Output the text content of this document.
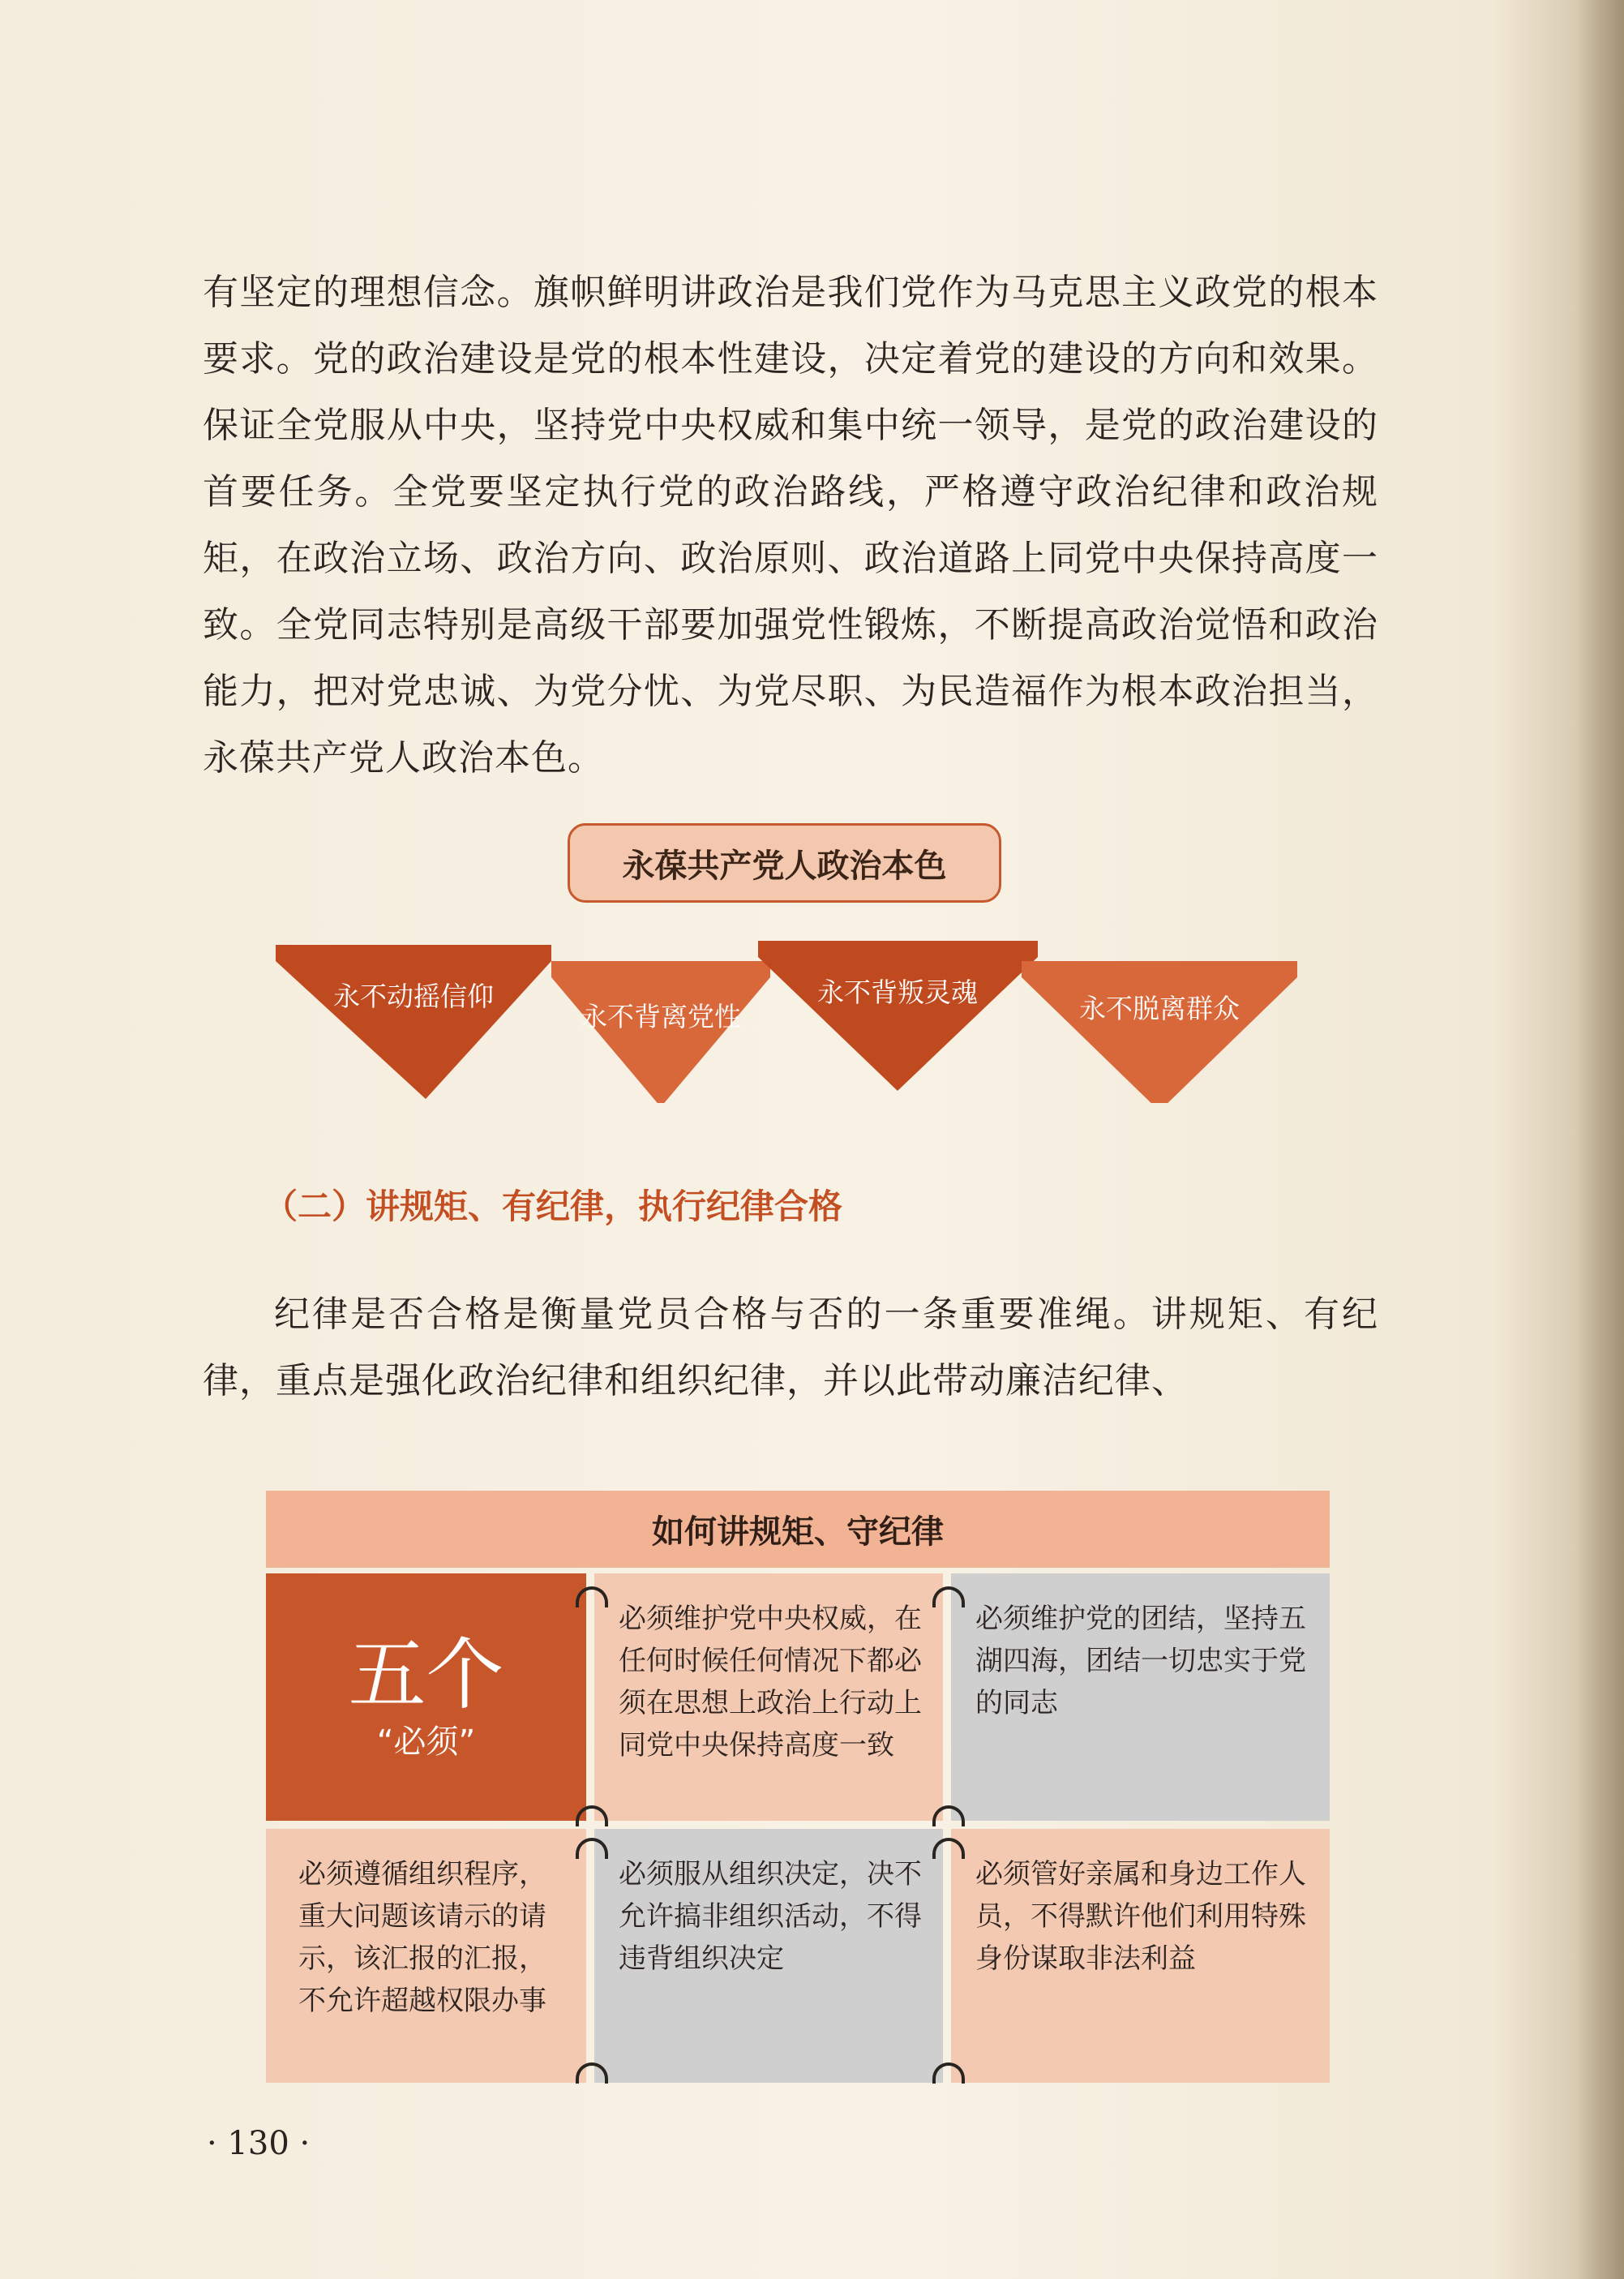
有坚定的理想信念。旗帜鲜明讲政治是我们党作为马克思主义政党的根本要求。党的政治建设是党的根本性建设，决定着党的建设的方向和效果。保证全党服从中央，坚持党中央权威和集中统一领导，是党的政治建设的首要任务。全党要坚定执行党的政治路线，严格遵守政治纪律和政治规矩，在政治立场、政治方向、政治原则、政治道路上同党中央保持高度一致。全党同志特别是高级干部要加强党性锻炼，不断提高政治觉悟和政治能力，把对党忠诚、为党分忧、为党尽职、为民造福作为根本政治担当，永葆共产党人政治本色。

永葆共产党人政治本色
永不动摇信仰
永不背离党性
永不背叛灵魂
永不脱离群众
（二）讲规矩、有纪律，执行纪律合格

纪律是否合格是衡量党员合格与否的一条重要准绳。讲规矩、有纪律，重点是强化政治纪律和组织纪律，并以此带动廉洁纪律、

如何讲规矩、守纪律
五个
“必须”
必须维护党中央权威，在任何时候任何情况下都必须在思想上政治上行动上同党中央保持高度一致
必须维护党的团结，坚持五湖四海，团结一切忠实于党的同志
必须遵循组织程序，重大问题该请示的请示，该汇报的汇报，不允许超越权限办事
必须服从组织决定，决不允许搞非组织活动，不得违背组织决定
必须管好亲属和身边工作人员，不得默许他们利用特殊身份谋取非法利益

· 130 ·
